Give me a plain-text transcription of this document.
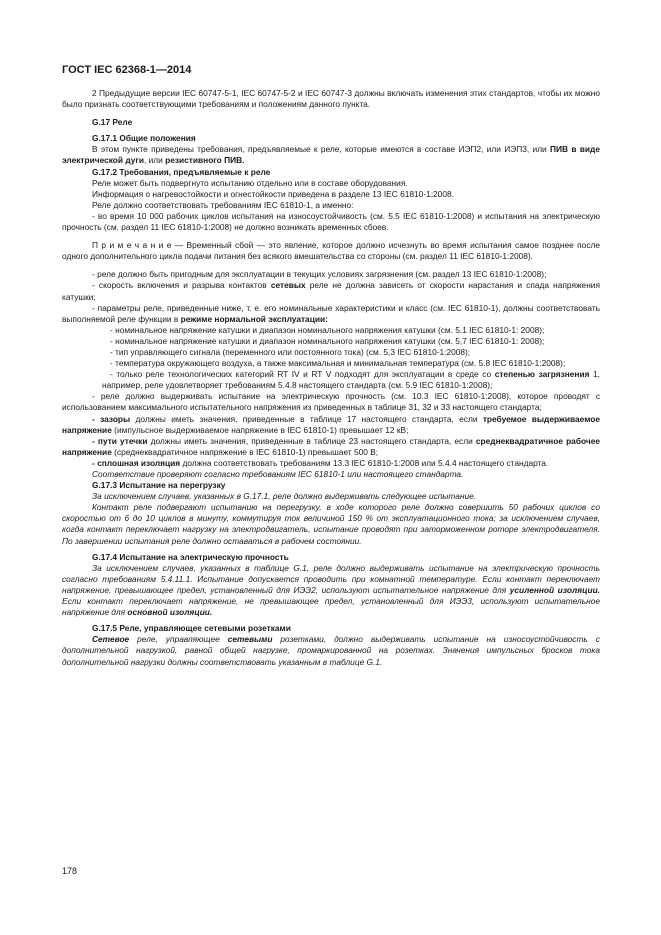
ГОСТ IEC 62368-1—2014

2 Предыдущие версии IEC 60747-5-1, IEC 60747-5-2 и IEC 60747-3 должны включать изменения этих стандартов, чтобы их можно было признать соответствующими требованиям и положениям данного пункта.

G.17 Реле

G.17.1 Общие положения

В этом пункте приведены требования, предъявляемые к реле, которые имеются в составе ИЭП2, или ИЭП3, или ПИВ в виде электрической дуги, или резистивного ПИВ.

G.17.2 Требования, предъявляемые к реле

Реле может быть подвергнуто испытанию отдельно или в составе оборудования.

Информация о нагревостойкости и огнестойкости приведена в разделе 13 IEC 61810-1:2008.

Реле должно соответствовать требованиям IEC 61810-1, а именно:

- во время 10 000 рабочих циклов испытания на износоустойчивость (см. 5.5 IEC 61810-1:2008) и испытания на электрическую прочность (см. раздел 11 IEC 61810-1:2008) не должно возникать временных сбоев.

П р и м е ч а н и е — Временный сбой — это явление, которое должно исчезнуть во время испытания самое позднее после одного дополнительного цикла подачи питания без всякого вмешательства со стороны (см. раздел 11 IEC 61810-1:2008).

- реле должно быть пригодным для эксплуатации в текущих условиях загрязнения (см. раздел 13 IEC 61810-1:2008);

- скорость включения и разрыва контактов сетевых реле не должна зависеть от скорости нарастания и спада напряжения катушки;

- параметры реле, приведенные ниже, т. е. его номинальные характеристики и класс (см. IEC 61810-1), должны соответствовать выполняемой реле функции в режиме нормальной эксплуатации:

- номинальное напряжение катушки и диапазон номинального напряжения катушки (см. 5.1 IEC 61810-1: 2008);

- номинальное напряжение катушки и диапазон номинального напряжения катушки (см. 5,7 IEC 61810-1: 2008);

- тип управляющего сигнала (переменного или постоянного тока) (см. 5,3 IEC 61810-1:2008);

- температура окружающего воздуха, а также максимальная и минимальная температура (см. 5.8 IEC 61810-1:2008);

- только реле технологических категорий RT IV и RT V подходят для эксплуатации в среде со степенью загрязнения 1, например, реле удовлетворяет требованиям 5.4.8 настоящего стандарта (см. 5.9 IEC 61810-1:2008);

- реле должно выдерживать испытание на электрическую прочность (см. 10.3 IEC 61810-1:2008), которое проводят с использованием максимального испытательного напряжения из приведенных в таблице 31, 32 и 33 настоящего стандарта;

- зазоры должны иметь значения, приведенные в таблице 17 настоящего стандарта, если требуемое выдерживаемое напряжение (импульсное выдерживаемое напряжение в IEC 61810-1) превышает 12 кВ;

- пути утечки должны иметь значения, приведенные в таблице 23 настоящего стандарта, если среднеквадратичное рабочее напряжение (среднеквадратичное напряжение в IEC 61810-1) превышает 500 В;

- сплошная изоляция должна соответствовать требованиям 13.3 IEC 61810-1:2008 или 5.4.4 настоящего стандарта.

Соответствие проверяют согласно требованиям IEC 61810-1 или настоящего стандарта.

G.17.3 Испытание на перегрузку

За исключением случаев, указанных в G.17.1, реле должно выдерживать следующее испытание.

Контакт реле подвергают испытанию на перегрузку, в ходе которого реле должно совершить 50 рабочих циклов со скоростью от 6 до 10 циклов в минуту, коммутируя ток величиной 150 % от эксплуатационного тока; за исключением случаев, когда контакт переключает нагрузку на электродвигатель, испытание проводят при заторможенном роторе электродвигателя. По завершении испытания реле должно оставаться в рабочем состоянии.

G.17.4 Испытание на электрическую прочность

За исключением случаев, указанных в таблице G.1, реле должно выдерживать испытание на электрическую прочность согласно требованиям 5.4.11.1. Испытание допускается проводить при комнатной температуре. Если контакт переключает напряжение, превышающее предел, установленный для ИЭЭ2, используют испытательное напряжение для усиленной изоляции. Если контакт переключает напряжение, не превышающее предел, установленный для ИЭЭ3, используют испытательное напряжение для основной изоляции.

G.17.5 Реле, управляющее сетевыми розетками

Сетевое реле, управляющее сетевыми розетками, должно выдерживать испытание на износоустойчивость с дополнительной нагрузкой, равной общей нагрузке, промаркированной на розетках. Значения импульсных бросков тока дополнительной нагрузки должны соответствовать указанным в таблице G.1.

178
